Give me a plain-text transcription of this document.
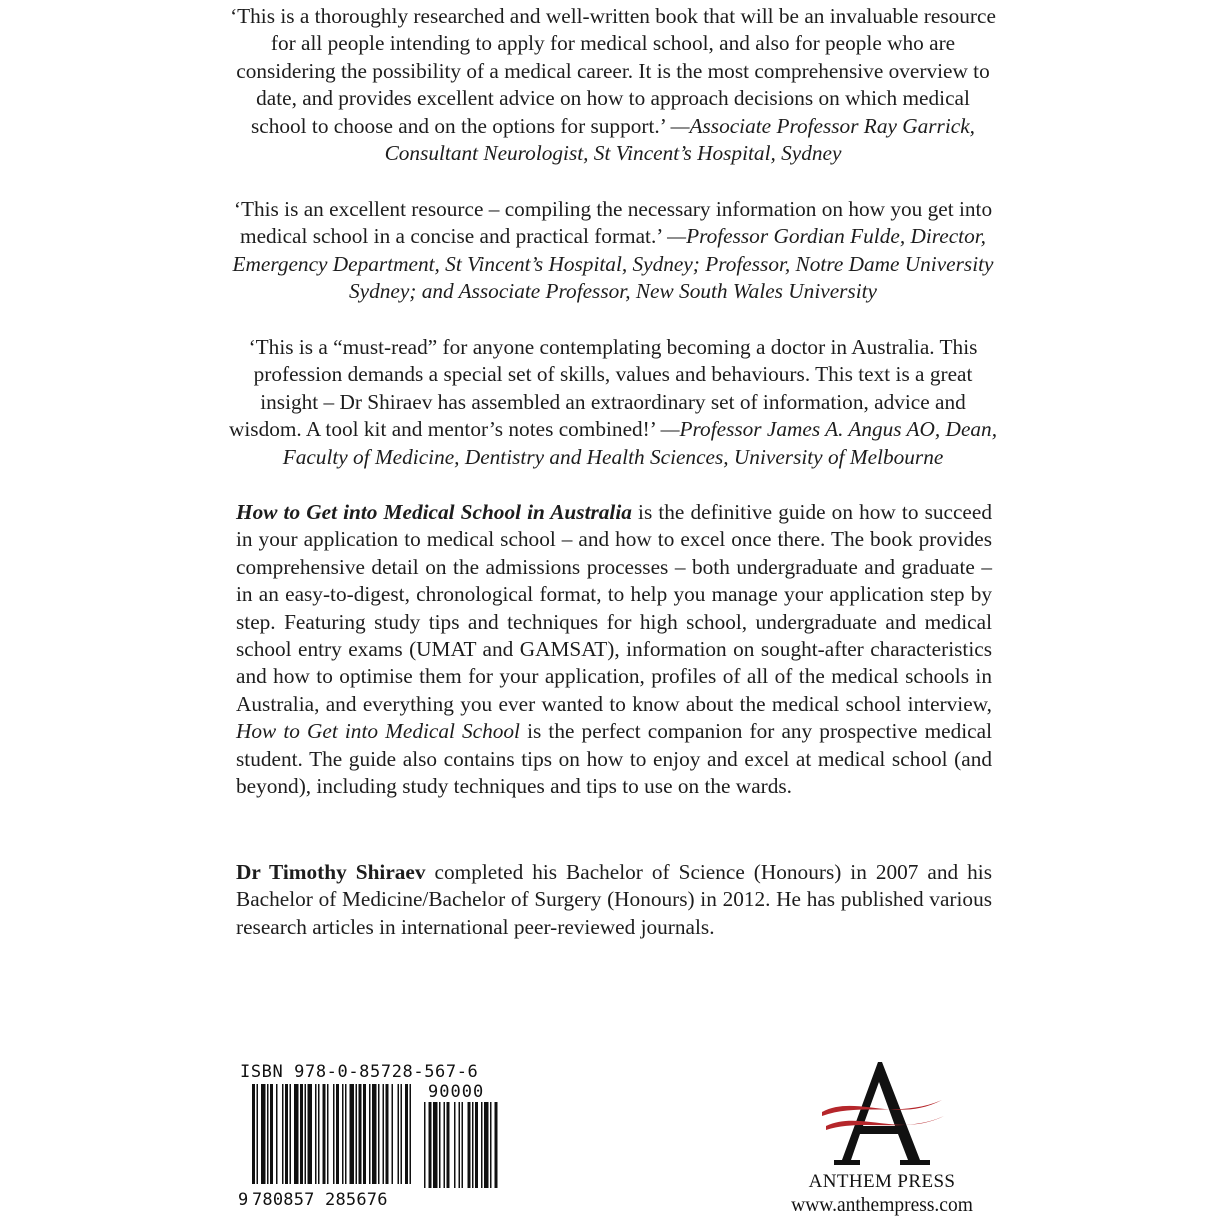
‘This is a thoroughly researched and well-written book that will be an invaluable resource for all people intending to apply for medical school, and also for people who are considering the possibility of a medical career. It is the most comprehensive overview to date, and provides excellent advice on how to approach decisions on which medical school to choose and on the options for support.’ —Associate Professor Ray Garrick, Consultant Neurologist, St Vincent’s Hospital, Sydney

‘This is an excellent resource – compiling the necessary information on how you get into medical school in a concise and practical format.’ —Professor Gordian Fulde, Director, Emergency Department, St Vincent’s Hospital, Sydney; Professor, Notre Dame University Sydney; and Associate Professor, New South Wales University

‘This is a “must-read” for anyone contemplating becoming a doctor in Australia. This profession demands a special set of skills, values and behaviours. This text is a great insight – Dr Shiraev has assembled an extraordinary set of information, advice and wisdom. A tool kit and mentor’s notes combined!’ —Professor James A. Angus AO, Dean, Faculty of Medicine, Dentistry and Health Sciences, University of Melbourne

How to Get into Medical School in Australia is the definitive guide on how to succeed in your application to medical school – and how to excel once there. The book provides comprehensive detail on the admissions processes – both undergraduate and graduate – in an easy-to-digest, chronological format, to help you manage your application step by step. Featuring study tips and techniques for high school, undergraduate and medical school entry exams (UMAT and GAMSAT), information on sought-after characteristics and how to optimise them for your application, profiles of all of the medical schools in Australia, and everything you ever wanted to know about the medical school interview, How to Get into Medical School is the perfect companion for any prospective medical student. The guide also contains tips on how to enjoy and excel at medical school (and beyond), including study techniques and tips to use on the wards.

Dr Timothy Shiraev completed his Bachelor of Science (Honours) in 2007 and his Bachelor of Medicine/Bachelor of Surgery (Honours) in 2012. He has published various research articles in international peer-reviewed journals.

ISBN 978-0-85728-567-6
90000
9 780857 285676
ANTHEM PRESS
www.anthempress.com
